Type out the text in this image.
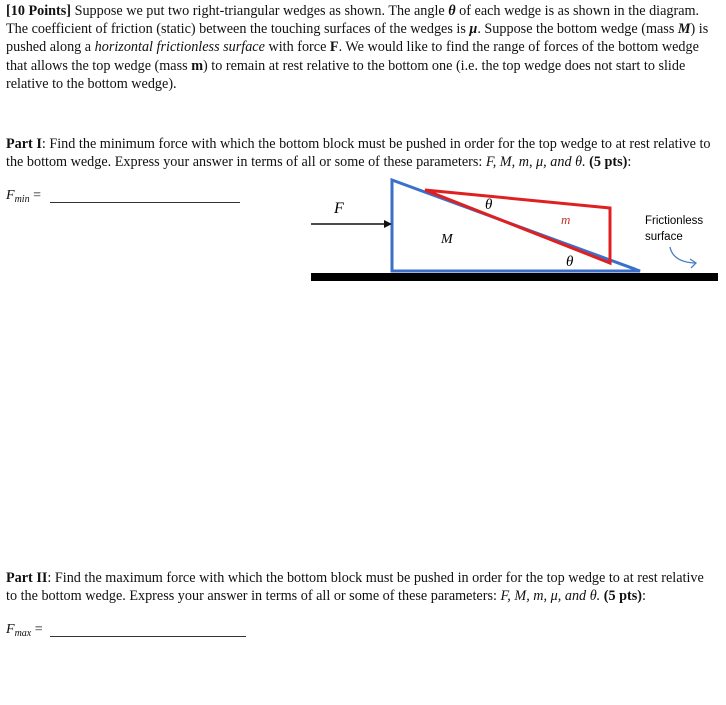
[10 Points] Suppose we put two right-triangular wedges as shown. The angle θ of each wedge is as shown in the diagram. The coefficient of friction (static) between the touching surfaces of the wedges is μ. Suppose the bottom wedge (mass M) is pushed along a horizontal frictionless surface with force F. We would like to find the range of forces of the bottom wedge that allows the top wedge (mass m) to remain at rest relative to the bottom one (i.e. the top wedge does not start to slide relative to the bottom wedge).
Part I: Find the minimum force with which the bottom block must be pushed in order for the top wedge to at rest relative to the bottom wedge. Express your answer in terms of all or some of these parameters: F, M, m, μ, and θ. (5 pts):
$F_{min}$ =
F
M
m
θ
θ
Frictionless
surface
Part II: Find the maximum force with which the bottom block must be pushed in order for the top wedge to at rest relative to the bottom wedge. Express your answer in terms of all or some of these parameters: F, M, m, μ, and θ. (5 pts):
$F_{max}$ =
